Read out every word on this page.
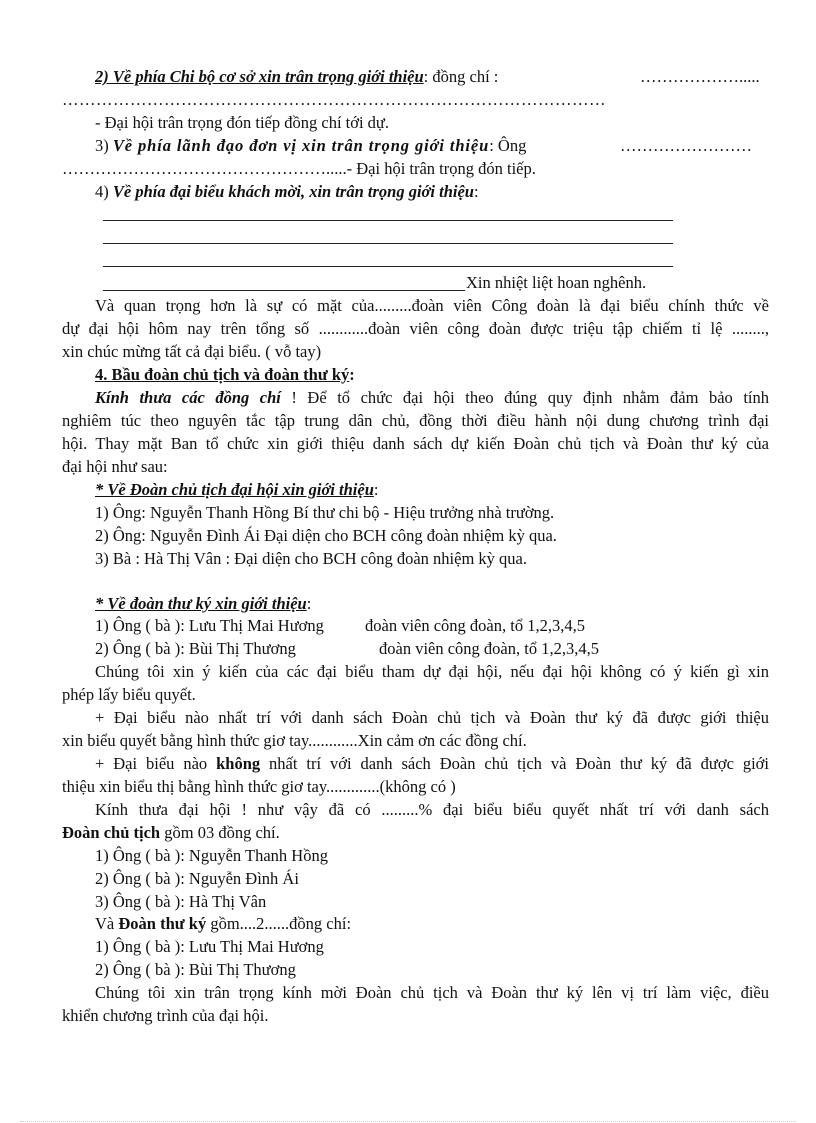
2) Về phía Chi bộ cơ sở xin trân trọng giới thiệu: đồng chí :	……………….....
……………………………………………………………………………………
- Đại hội trân trọng đón tiếp đồng chí tới dự.
3) Về phía lãnh đạo đơn vị xin trân trọng giới thiệu: Ông	……………………
………………………………………….....- Đại hội trân trọng đón tiếp.
4) Về phía đại biểu khách mời, xin trân trọng giới thiệu:
Xin nhiệt liệt hoan nghênh.
Và quan trọng hơn là sự có mặt của.........đoàn viên Công đoàn là đại biểu chính thức về
dự đại hội hôm nay trên tổng số ............đoàn viên công đoàn được triệu tập chiếm tỉ lệ ........,
xin chúc mừng tất cả đại biểu. ( vỗ tay)
4. Bầu đoàn chủ tịch và đoàn thư ký:
Kính thưa các đồng chí ! Để tổ chức đại hội theo đúng quy định nhằm đảm bảo tính
nghiêm túc theo nguyên tắc tập trung dân chủ, đồng thời điều hành nội dung chương trình đại
hội. Thay mặt Ban tổ chức xin giới thiệu danh sách dự kiến Đoàn chủ tịch và Đoàn thư ký của
đại hội như sau:
* Về Đoàn chủ tịch đại hội xin giới thiệu:
1) Ông: Nguyễn Thanh Hồng Bí thư chi bộ - Hiệu trưởng nhà trường.
2) Ông: Nguyễn Đình Ái Đại diện cho BCH công đoàn nhiệm kỳ qua.
3) Bà : Hà Thị Vân : Đại diện cho BCH công đoàn nhiệm kỳ qua.
* Về đoàn thư ký xin giới thiệu:
1) Ông ( bà ): Lưu Thị Mai Hương đoàn viên công đoàn, tổ 1,2,3,4,5
2) Ông ( bà ): Bùi Thị Thương	đoàn viên công đoàn, tổ 1,2,3,4,5
Chúng tôi xin ý kiến của các đại biểu tham dự đại hội, nếu đại hội không có ý kiến gì xin
phép lấy biểu quyết.
+ Đại biểu nào nhất trí với danh sách Đoàn chủ tịch và Đoàn thư ký đã được giới thiệu
xin biểu quyết bằng hình thức giơ tay............Xin cảm ơn các đồng chí.
+ Đại biểu nào không nhất trí với danh sách Đoàn chủ tịch và Đoàn thư ký đã được giới
thiệu xin biểu thị bằng hình thức giơ tay.............(không có )
Kính thưa đại hội ! như vậy đã có .........% đại biểu biểu quyết nhất trí với danh sách
Đoàn chủ tịch gồm 03 đồng chí.
1) Ông ( bà ): Nguyễn Thanh Hồng
2) Ông ( bà ): Nguyễn Đình Ái
3) Ông ( bà ): Hà Thị Vân
Và Đoàn thư ký gồm....2......đồng chí:
1) Ông ( bà ): Lưu Thị Mai Hương
2) Ông ( bà ): Bùi Thị Thương
Chúng tôi xin trân trọng kính mời Đoàn chủ tịch và Đoàn thư ký lên vị trí làm việc, điều
khiển chương trình của đại hội.
